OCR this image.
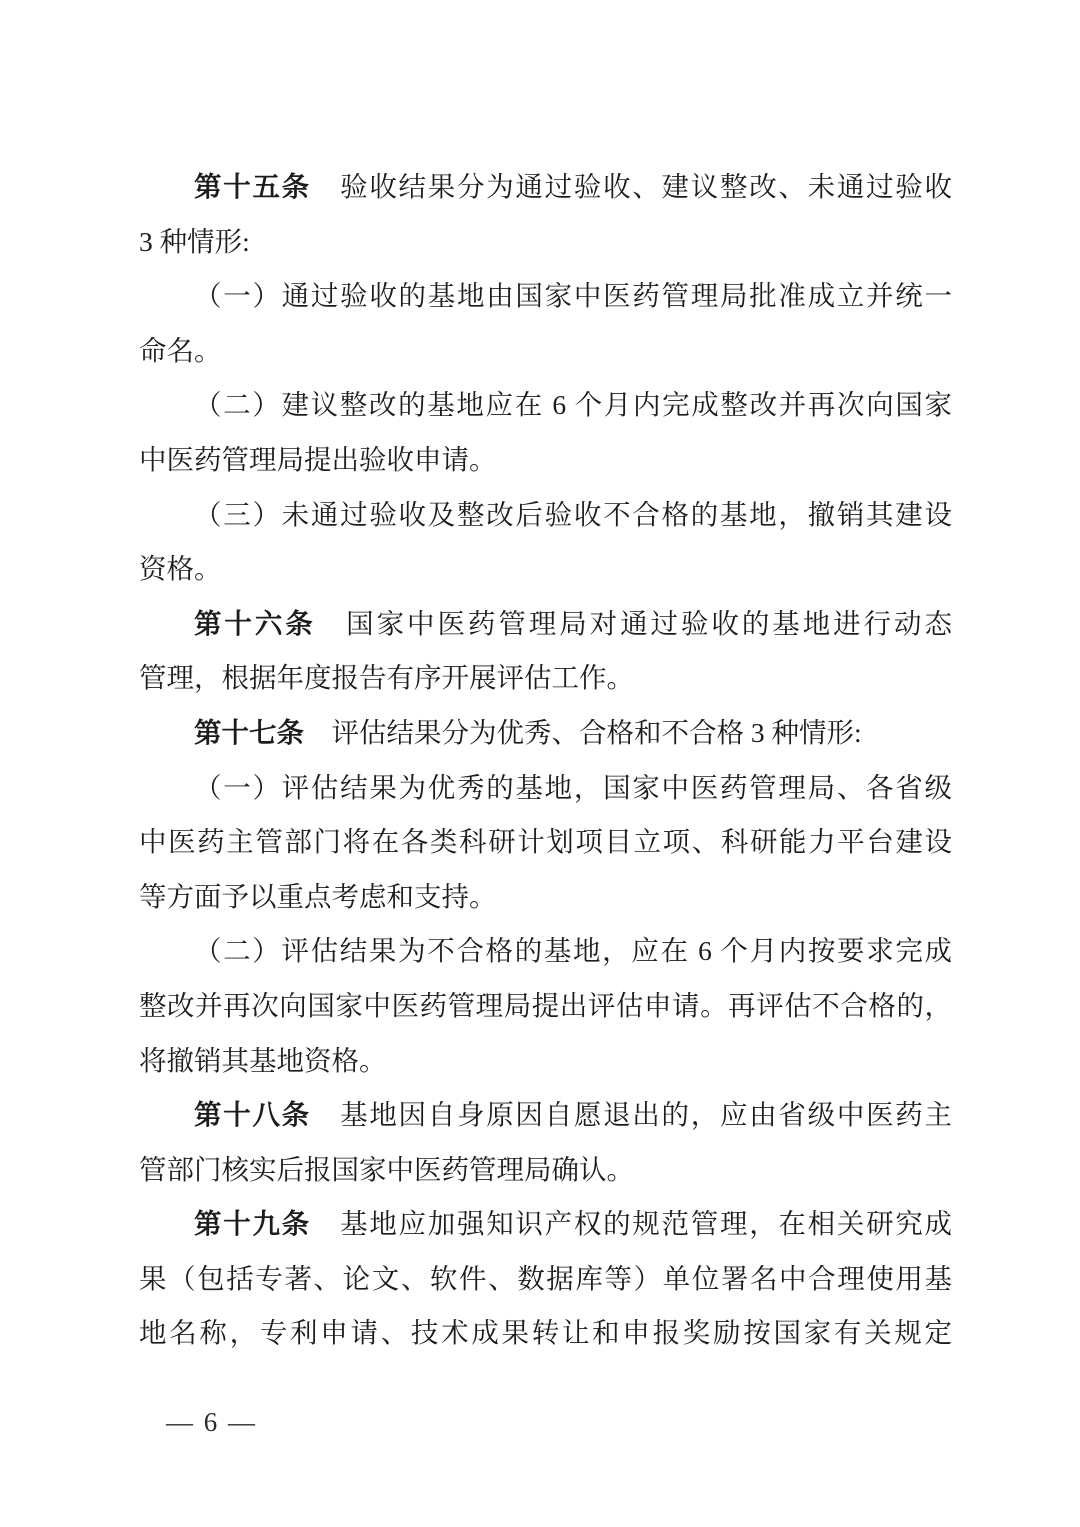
第十五条　验收结果分为通过验收、建议整改、未通过验收
3 种情形:
（一）通过验收的基地由国家中医药管理局批准成立并统一
命名。
（二）建议整改的基地应在 6 个月内完成整改并再次向国家
中医药管理局提出验收申请。
（三）未通过验收及整改后验收不合格的基地，撤销其建设
资格。
第十六条　国家中医药管理局对通过验收的基地进行动态
管理，根据年度报告有序开展评估工作。
第十七条　评估结果分为优秀、合格和不合格 3 种情形:
（一）评估结果为优秀的基地，国家中医药管理局、各省级
中医药主管部门将在各类科研计划项目立项、科研能力平台建设
等方面予以重点考虑和支持。
（二）评估结果为不合格的基地，应在 6 个月内按要求完成
整改并再次向国家中医药管理局提出评估申请。再评估不合格的，
将撤销其基地资格。
第十八条　基地因自身原因自愿退出的，应由省级中医药主
管部门核实后报国家中医药管理局确认。
第十九条　基地应加强知识产权的规范管理，在相关研究成
果（包括专著、论文、软件、数据库等）单位署名中合理使用基
地名称，专利申请、技术成果转让和申报奖励按国家有关规定
— 6 —
